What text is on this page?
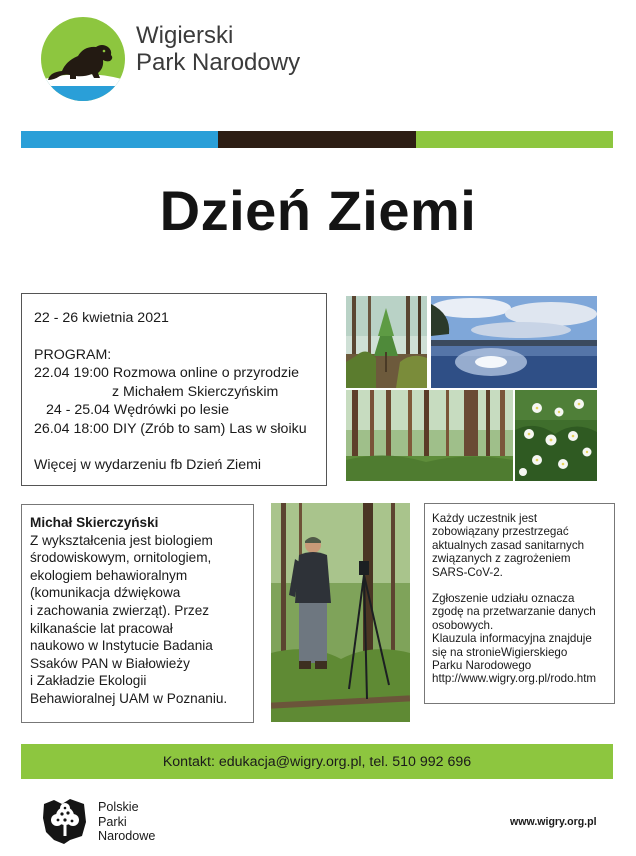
Wigierski
Park Narodowy
Dzień Ziemi
22 - 26 kwietnia 2021
PROGRAM:
22.04 19:00 Rozmowa online o przyrodzie
z Michałem Skierczyńskim
24 - 25.04 Wędrówki po lesie
26.04 18:00 DIY (Zrób to sam) Las w słoiku
Więcej w wydarzeniu fb Dzień Ziemi
Michał Skierczyński
Z wykształcenia jest biologiem
środowiskowym, ornitologiem,
ekologiem behawioralnym
(komunikacja dźwiękowa
i zachowania zwierząt). Przez
kilkanaście lat pracował
naukowo w Instytucie Badania
Ssaków PAN w Białowieży
i Zakładzie Ekologii
Behawioralnej UAM w Poznaniu.
Każdy uczestnik jest
zobowiązany przestrzegać
aktualnych zasad sanitarnych
związanych z zagrożeniem
SARS-CoV-2.
Zgłoszenie udziału oznacza
zgodę na przetwarzanie danych
osobowych.
Klauzula informacyjna znajduje
się na stronieWigierskiego
Parku Narodowego
http://www.wigry.org.pl/rodo.htm
Kontakt: edukacja@wigry.org.pl, tel. 510 992 696
Polskie
Parki
Narodowe
www.wigry.org.pl
